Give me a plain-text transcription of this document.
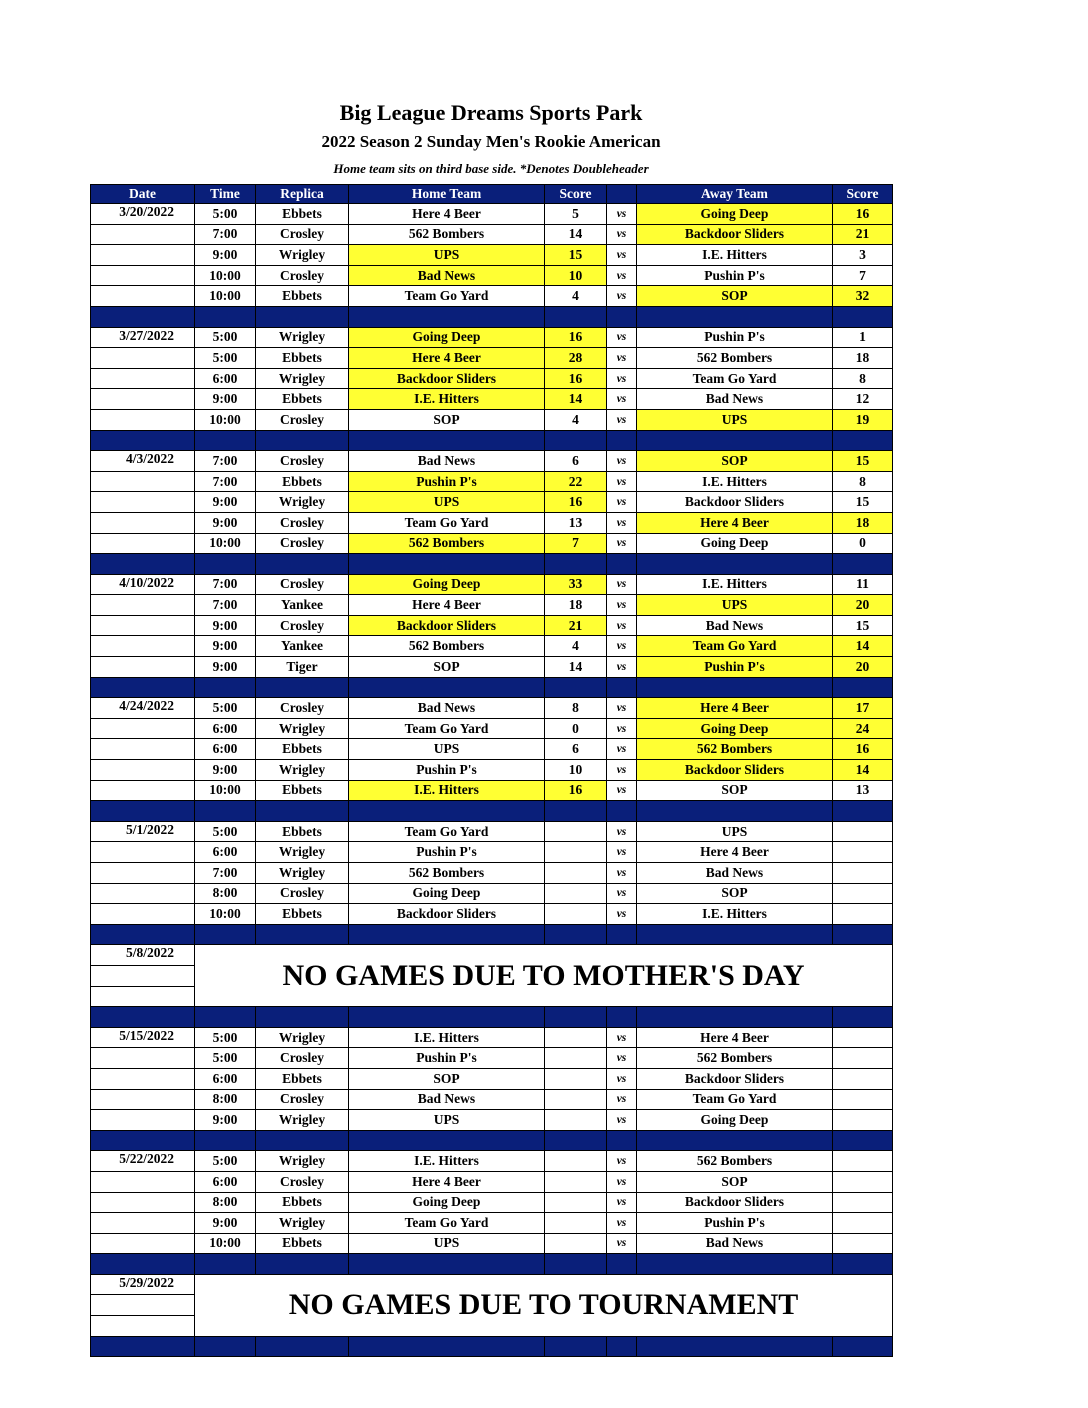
Big League Dreams Sports Park
2022 Season 2 Sunday Men's Rookie American
Home team sits on third base side. *Denotes Doubleheader
Date	Time	Replica	Home Team	Score		Away Team	Score
3/20/2022	5:00	Ebbets	Here 4 Beer	5	vs	Going Deep	16
	7:00	Crosley	562 Bombers	14	vs	Backdoor Sliders	21
	9:00	Wrigley	UPS	15	vs	I.E. Hitters	3
	10:00	Crosley	Bad News	10	vs	Pushin P's	7
	10:00	Ebbets	Team Go Yard	4	vs	SOP	32

3/27/2022	5:00	Wrigley	Going Deep	16	vs	Pushin P's	1
	5:00	Ebbets	Here 4 Beer	28	vs	562 Bombers	18
	6:00	Wrigley	Backdoor Sliders	16	vs	Team Go Yard	8
	9:00	Ebbets	I.E. Hitters	14	vs	Bad News	12
	10:00	Crosley	SOP	4	vs	UPS	19

4/3/2022	7:00	Crosley	Bad News	6	vs	SOP	15
	7:00	Ebbets	Pushin P's	22	vs	I.E. Hitters	8
	9:00	Wrigley	UPS	16	vs	Backdoor Sliders	15
	9:00	Crosley	Team Go Yard	13	vs	Here 4 Beer	18
	10:00	Crosley	562 Bombers	7	vs	Going Deep	0

4/10/2022	7:00	Crosley	Going Deep	33	vs	I.E. Hitters	11
	7:00	Yankee	Here 4 Beer	18	vs	UPS	20
	9:00	Crosley	Backdoor Sliders	21	vs	Bad News	15
	9:00	Yankee	562 Bombers	4	vs	Team Go Yard	14
	9:00	Tiger	SOP	14	vs	Pushin P's	20

4/24/2022	5:00	Crosley	Bad News	8	vs	Here 4 Beer	17
	6:00	Wrigley	Team Go Yard	0	vs	Going Deep	24
	6:00	Ebbets	UPS	6	vs	562 Bombers	16
	9:00	Wrigley	Pushin P's	10	vs	Backdoor Sliders	14
	10:00	Ebbets	I.E. Hitters	16	vs	SOP	13

5/1/2022	5:00	Ebbets	Team Go Yard		vs	UPS	
	6:00	Wrigley	Pushin P's		vs	Here 4 Beer	
	7:00	Wrigley	562 Bombers		vs	Bad News	
	8:00	Crosley	Going Deep		vs	SOP	
	10:00	Ebbets	Backdoor Sliders		vs	I.E. Hitters	

5/8/2022	NO GAMES DUE TO MOTHER'S DAY						

5/15/2022	5:00	Wrigley	I.E. Hitters		vs	Here 4 Beer	
	5:00	Crosley	Pushin P's		vs	562 Bombers	
	6:00	Ebbets	SOP		vs	Backdoor Sliders	
	8:00	Crosley	Bad News		vs	Team Go Yard	
	9:00	Wrigley	UPS		vs	Going Deep	

5/22/2022	5:00	Wrigley	I.E. Hitters		vs	562 Bombers	
	6:00	Crosley	Here 4 Beer		vs	SOP	
	8:00	Ebbets	Going Deep		vs	Backdoor Sliders	
	9:00	Wrigley	Team Go Yard		vs	Pushin P's	
	10:00	Ebbets	UPS		vs	Bad News	

5/29/2022	NO GAMES DUE TO TOURNAMENT						
